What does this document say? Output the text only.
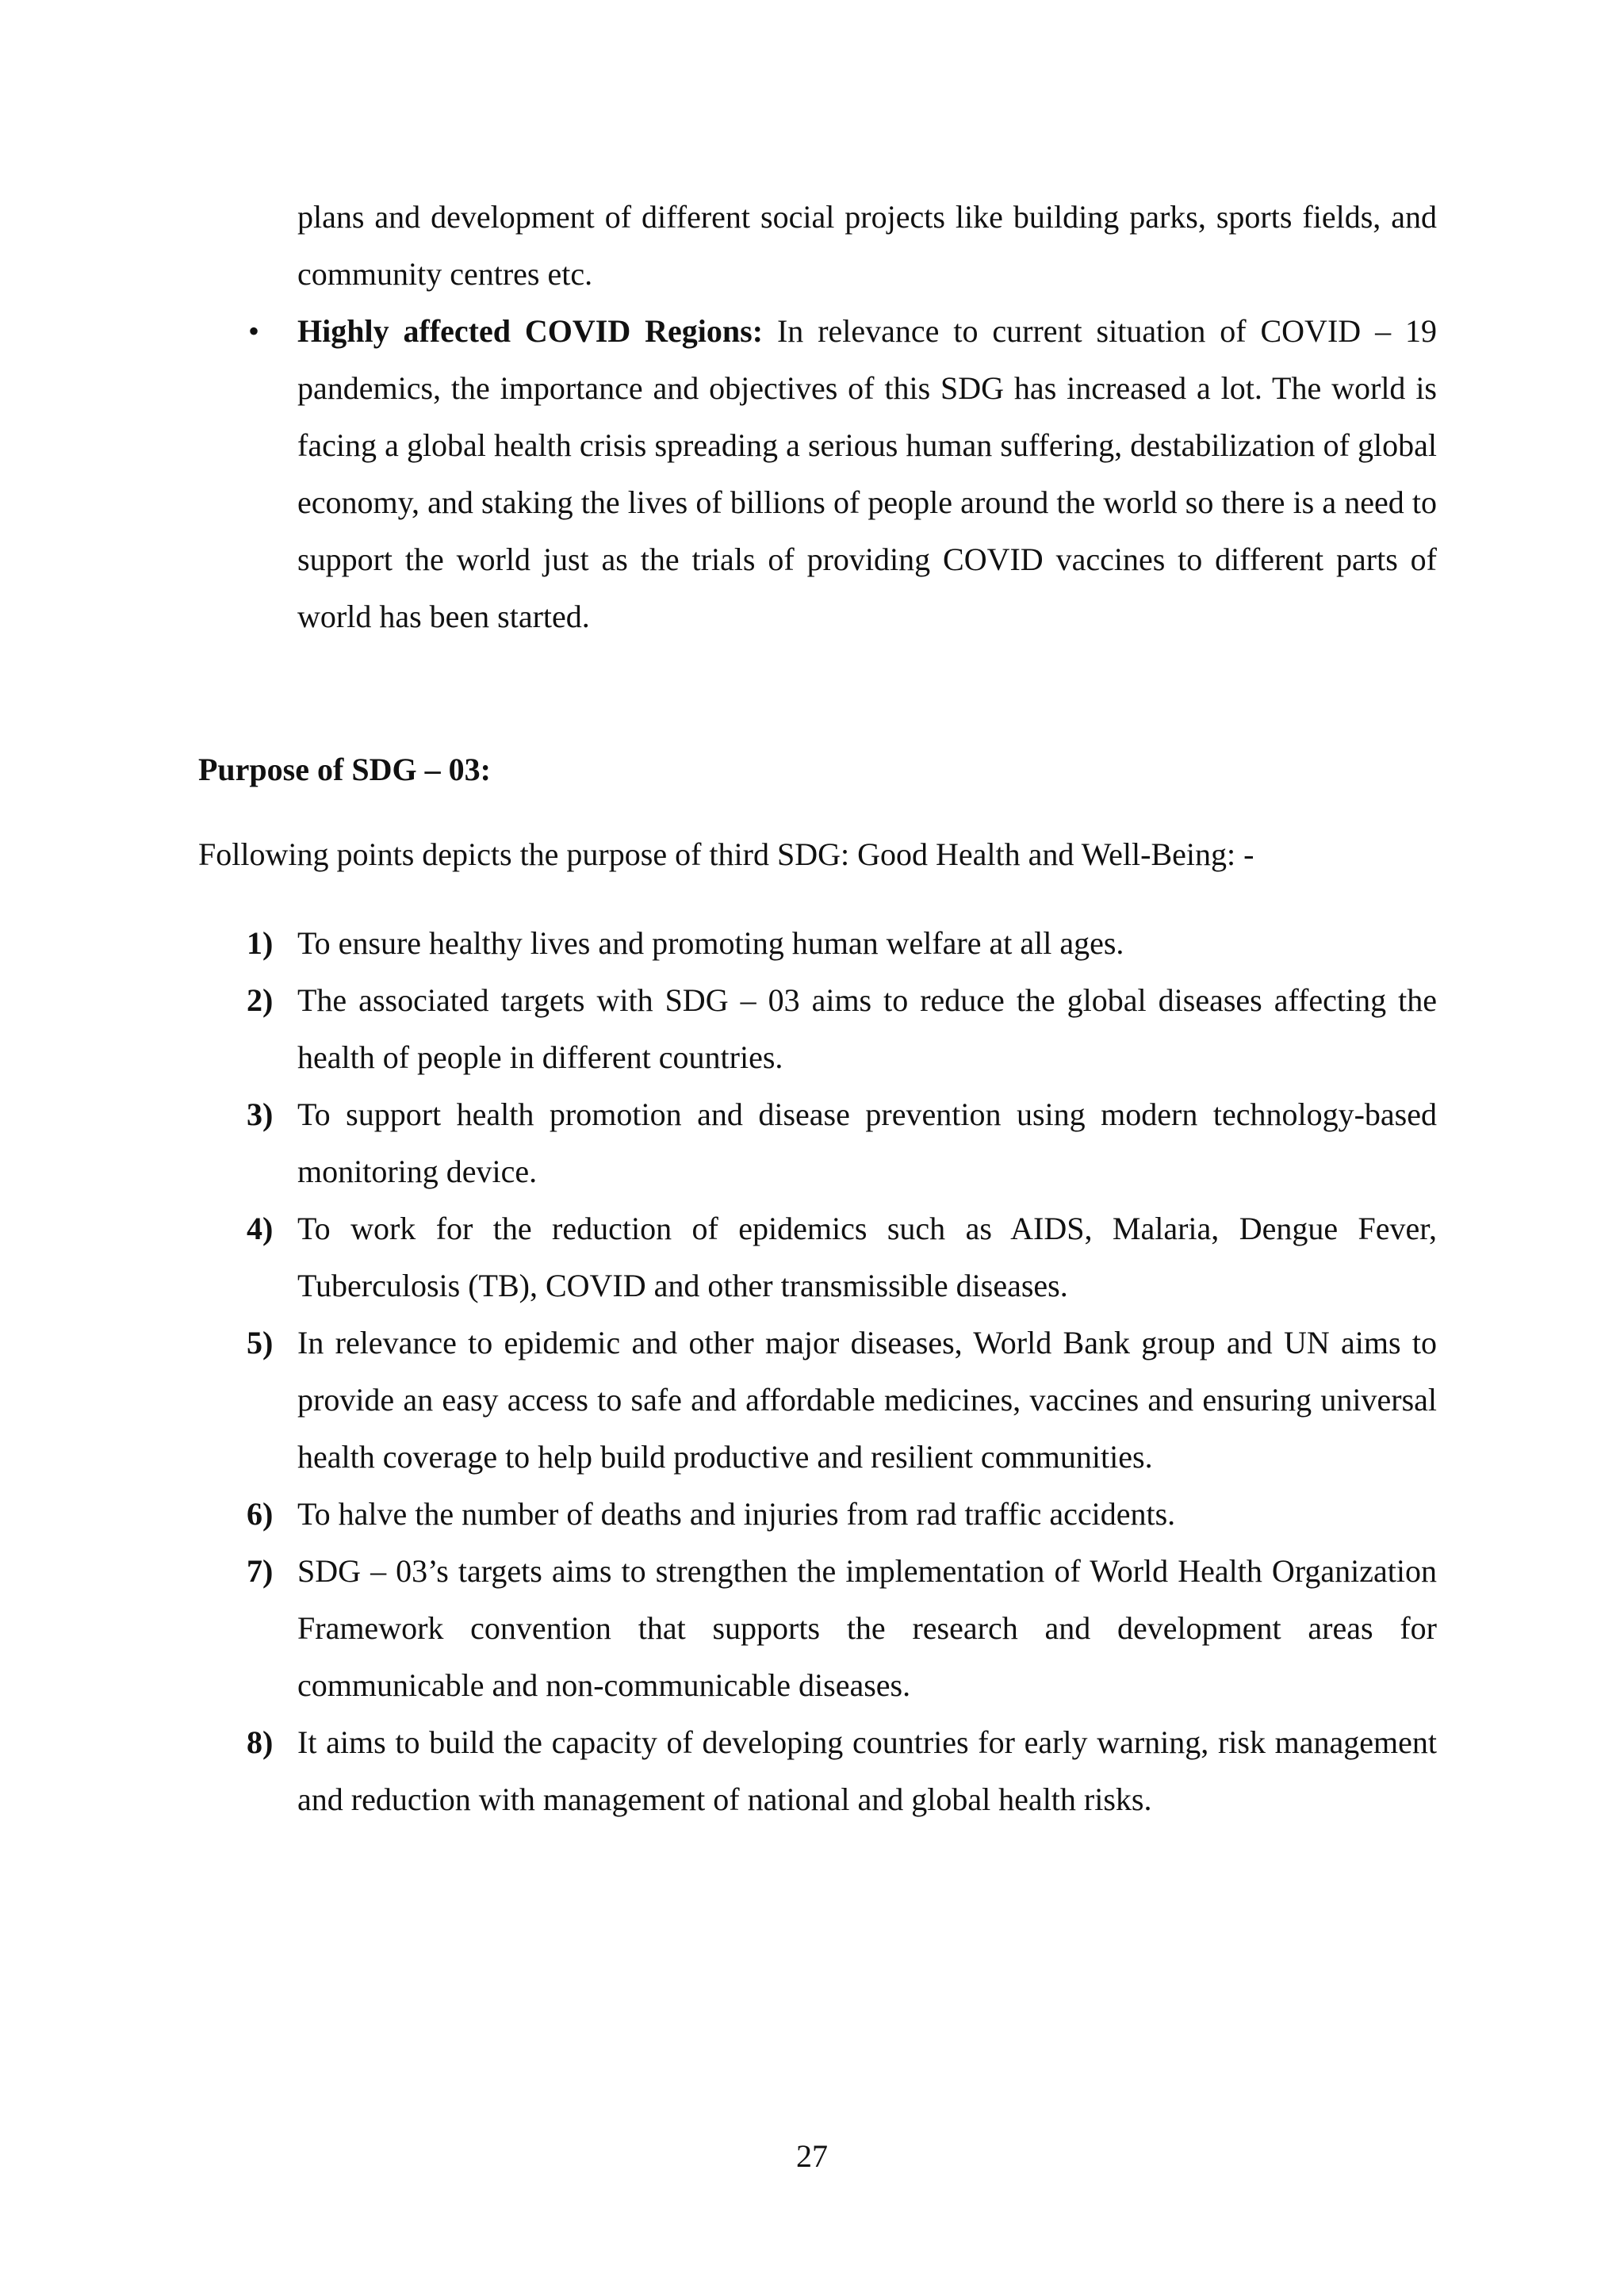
plans and development of different social projects like building parks, sports fields, and community centres etc.

• Highly affected COVID Regions: In relevance to current situation of COVID – 19 pandemics, the importance and objectives of this SDG has increased a lot. The world is facing a global health crisis spreading a serious human suffering, destabilization of global economy, and staking the lives of billions of people around the world so there is a need to support the world just as the trials of providing COVID vaccines to different parts of world has been started.

Purpose of SDG – 03:

Following points depicts the purpose of third SDG: Good Health and Well-Being: -

1) To ensure healthy lives and promoting human welfare at all ages.
2) The associated targets with SDG – 03 aims to reduce the global diseases affecting the health of people in different countries.
3) To support health promotion and disease prevention using modern technology-based monitoring device.
4) To work for the reduction of epidemics such as AIDS, Malaria, Dengue Fever, Tuberculosis (TB), COVID and other transmissible diseases.
5) In relevance to epidemic and other major diseases, World Bank group and UN aims to provide an easy access to safe and affordable medicines, vaccines and ensuring universal health coverage to help build productive and resilient communities.
6) To halve the number of deaths and injuries from rad traffic accidents.
7) SDG – 03’s targets aims to strengthen the implementation of World Health Organization Framework convention that supports the research and development areas for communicable and non-communicable diseases.
8) It aims to build the capacity of developing countries for early warning, risk management and reduction with management of national and global health risks.
27
